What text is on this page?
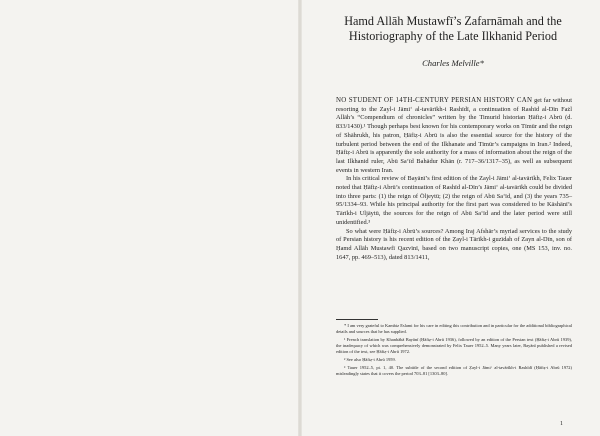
Hamd Allāh Mustawfī’s Zafarnāmah and the Historiography of the Late Ilkhanid Period
Charles Melville*

NO STUDENT OF 14TH-CENTURY PERSIAN HISTORY CAN get far without resorting to the Zayl-i Jāmi‘ al-tavārīkh-i Rashīdī, a continuation of Rashīd al-Dīn Fażl Allāh’s “Compendium of chronicles” written by the Timurid historian Ḥāfiẓ-i Abrū (d. 833/1430).¹ Though perhaps best known for his contemporary works on Tīmūr and the reign of Shāhrukh, his patron, Ḥāfiẓ-i Abrū is also the essential source for the history of the turbulent period between the end of the Ilkhanate and Tīmūr’s campaigns in Iran.² Indeed, Ḥāfiẓ-i Abrū is apparently the sole authority for a mass of information about the reign of the last Ilkhanid ruler, Abū Sa‘īd Bahādur Khān (r. 717–36/1317–35), as well as subsequent events in western Iran.

In his critical review of Bayānī’s first edition of the Zayl-i Jāmi‘ al-tavārīkh, Felix Tauer noted that Ḥāfiẓ-i Abrū’s continuation of Rashīd al-Dīn’s Jāmi‘ al-tavārīkh could be divided into three parts: (1) the reign of Öljeytü; (2) the reign of Abū Sa‘īd, and (3) the years 735–95/1334–93. While his principal authority for the first part was considered to be Kāshānī’s Tārīkh-i Uljāytū, the sources for the reign of Abū Sa‘īd and the later period were still unidentified.³

So what were Ḥāfiẓ-i Abrū’s sources? Among Iraj Afshār’s myriad services to the study of Persian history is his recent edition of the Ẓayl-i Tārīkh-i guzīdah of Zayn al-Dīn, son of Ḥamd Allāh Mustawfī Qazvīnī, based on two manuscript copies, one (MS 153, inv. no. 1647, pp. 469–513), dated 813/1411,

* I am very grateful to Kambiz Eslami for his care in editing this contribution and in particular for the additional bibliographical details and sources that he has supplied.

¹ French translation by Khanbābā Bayānī (Ḥāfiẓ-i Abrū 1936), followed by an edition of the Persian text (Ḥāfiẓ-i Abrū 1939), the inadequacy of which was comprehensively demonstrated by Felix Tauer 1952–5. Many years later, Bayānī published a revised edition of the text, see Ḥāfiẓ-i Abrū 1972.

² See also Ḥāfiẓ-i Abrū 1959.

³ Tauer 1952–5, pt. 1, 40. The subtitle of the second edition of Ẓayl-i Jāmi‘ al-tavārīkh-i Rashīdī (Ḥāfiẓ-i Abrū 1972) misleadingly states that it covers the period 703–81 [1303–80].

1
